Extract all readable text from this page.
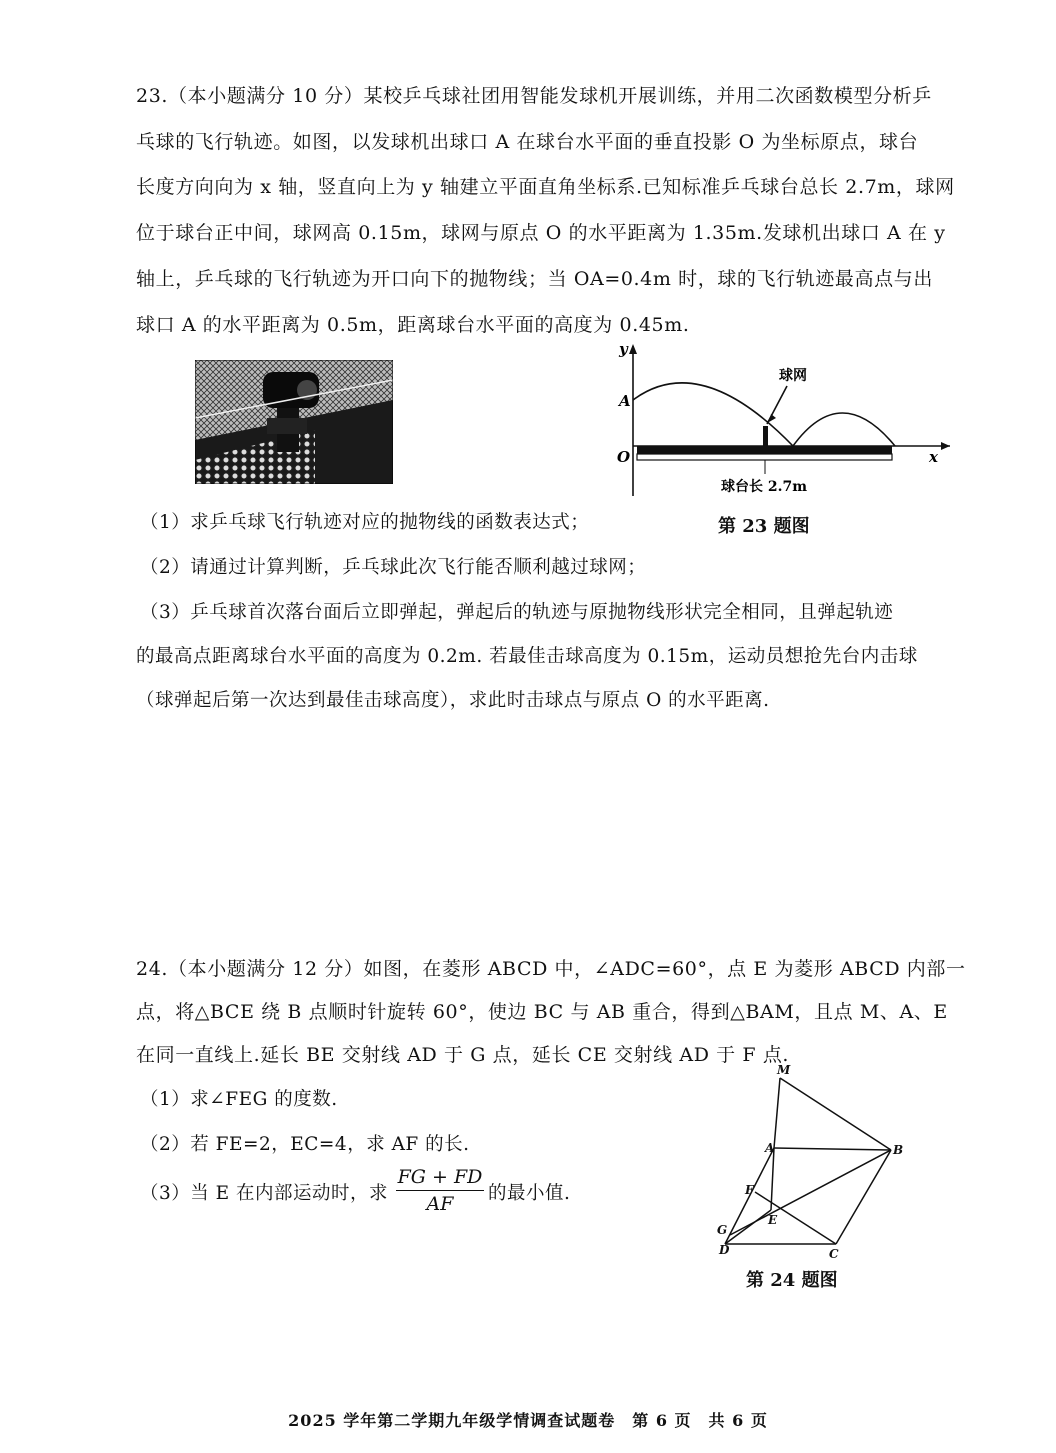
23.（本小题满分 10 分）某校乒乓球社团用智能发球机开展训练，并用二次函数模型分析乒
乓球的飞行轨迹。如图，以发球机出球口 A 在球台水平面的垂直投影 O 为坐标原点，球台
长度方向向为 x 轴，竖直向上为 y 轴建立平面直角坐标系.已知标准乒乓球台总长 2.7m，球网
位于球台正中间，球网高 0.15m，球网与原点 O 的水平距离为 1.35m.发球机出球口 A 在 y
轴上，乒乓球的飞行轨迹为开口向下的抛物线；当 OA=0.4m 时，球的飞行轨迹最高点与出
球口 A 的水平距离为 0.5m，距离球台水平面的高度为 0.45m.
y
x
O
A
球网
球台长 2.7m
第 23 题图
（1）求乒乓球飞行轨迹对应的抛物线的函数表达式；
（2）请通过计算判断，乒乓球此次飞行能否顺利越过球网；
（3）乒乓球首次落台面后立即弹起，弹起后的轨迹与原抛物线形状完全相同，且弹起轨迹
的最高点距离球台水平面的高度为 0.2m. 若最佳击球高度为 0.15m，运动员想抢先台内击球
（球弹起后第一次达到最佳击球高度），求此时击球点与原点 O 的水平距离.
24.（本小题满分 12 分）如图，在菱形 ABCD 中，∠ADC=60°，点 E 为菱形 ABCD 内部一
点，将△BCE 绕 B 点顺时针旋转 60°，使边 BC 与 AB 重合，得到△BAM，且点 M、A、E
在同一直线上.延长 BE 交射线 AD 于 G 点，延长 CE 交射线 AD 于 F 点.
（1）求∠FEG 的度数.
（2）若 FE=2，EC=4，求 AF 的长.
（3）当 E 在内部运动时，求 $\frac{FG + FD}{AF}$ 的最小值.
M
A	B
F
E
G
D	C
第 24 题图
2025 学年第二学期九年级学情调查试题卷　第 6 页　共 6 页
